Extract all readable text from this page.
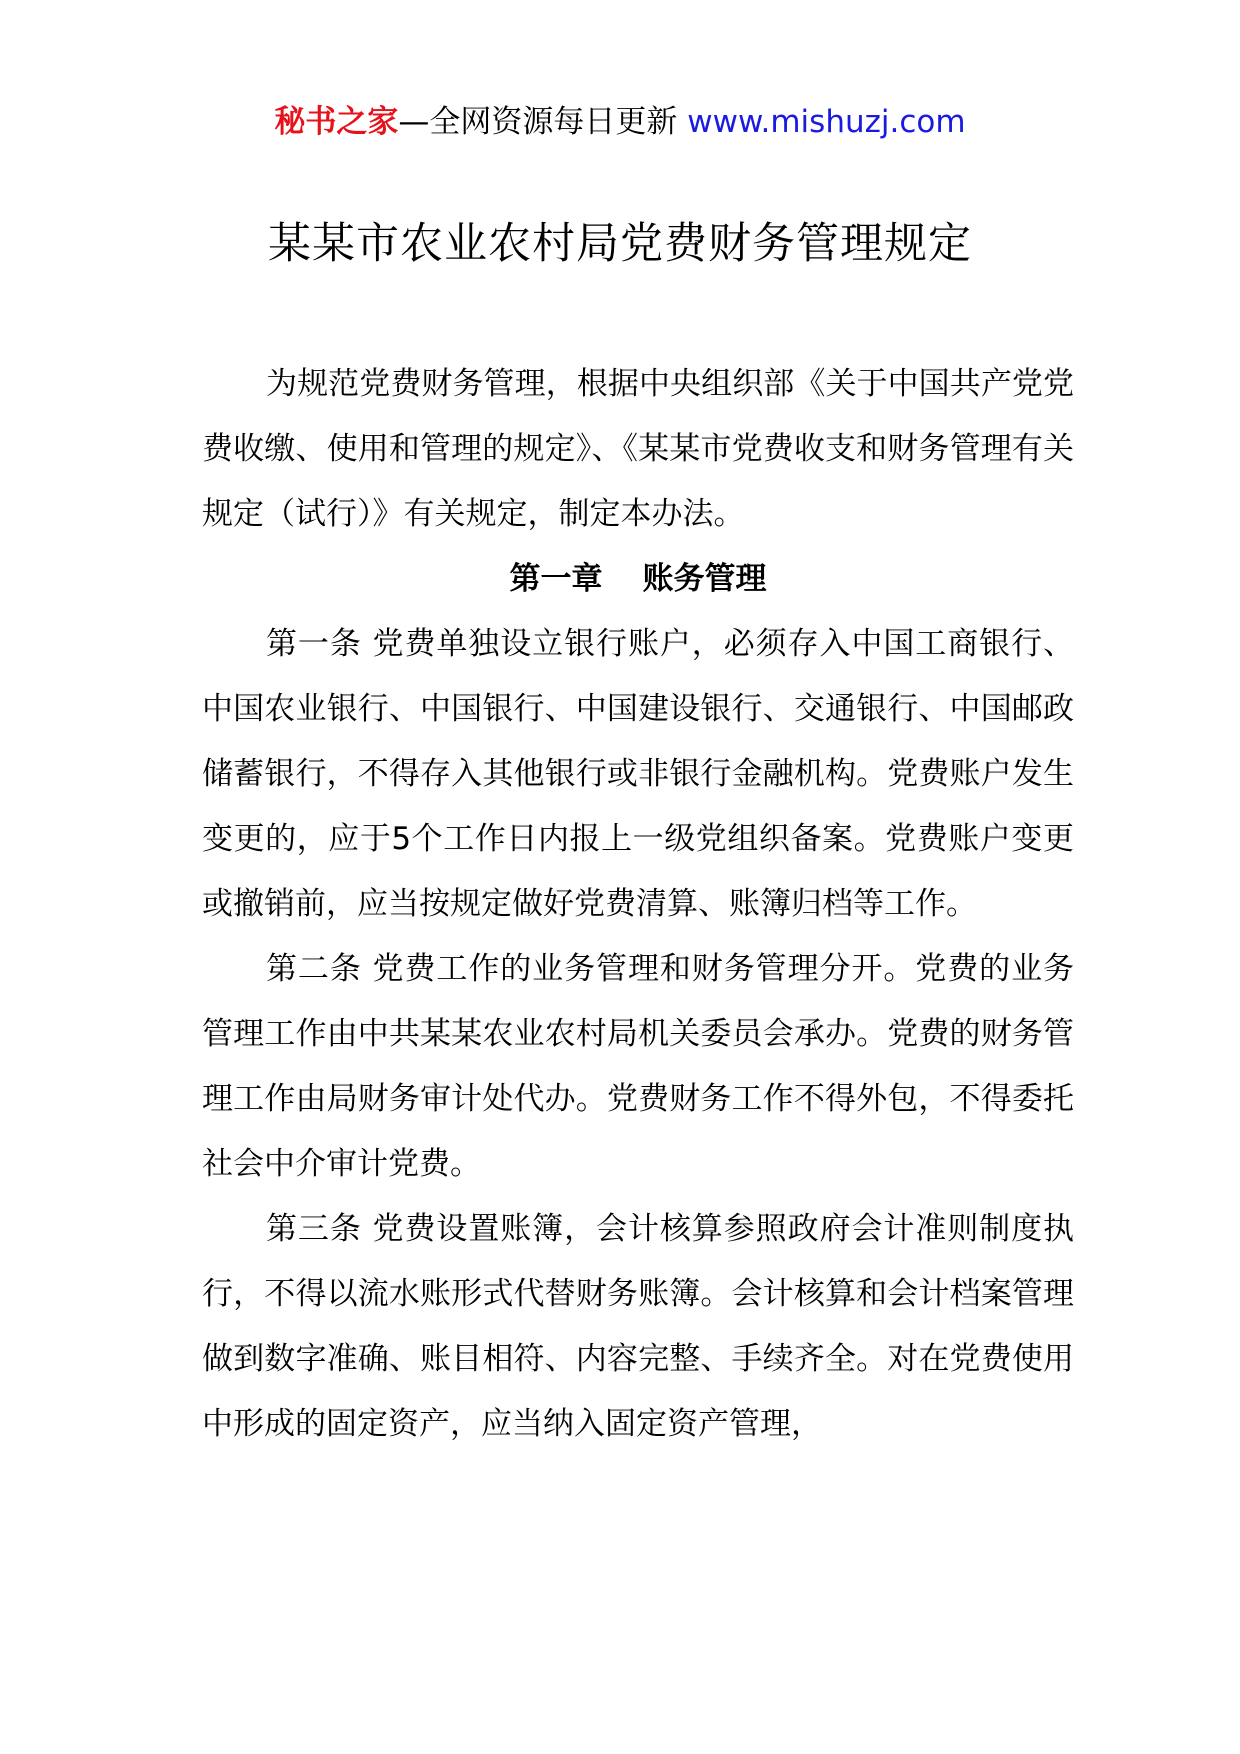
秘书之家—全网资源每日更新 www.mishuzj.com
某某市农业农村局党费财务管理规定

为规范党费财务管理，根据中央组织部《关于中国共产党党费收缴、使用和管理的规定》、《某某市党费收支和财务管理有关规定（试行）》有关规定，制定本办法。

第一章 账务管理

第一条 党费单独设立银行账户，必须存入中国工商银行、中国农业银行、中国银行、中国建设银行、交通银行、中国邮政储蓄银行，不得存入其他银行或非银行金融机构。党费账户发生变更的，应于5个工作日内报上一级党组织备案。党费账户变更或撤销前，应当按规定做好党费清算、账簿归档等工作。

第二条 党费工作的业务管理和财务管理分开。党费的业务管理工作由中共某某农业农村局机关委员会承办。党费的财务管理工作由局财务审计处代办。党费财务工作不得外包，不得委托社会中介审计党费。

第三条 党费设置账簿，会计核算参照政府会计准则制度执行，不得以流水账形式代替财务账簿。会计核算和会计档案管理做到数字准确、账目相符、内容完整、手续齐全。对在党费使用中形成的固定资产，应当纳入固定资产管理，
